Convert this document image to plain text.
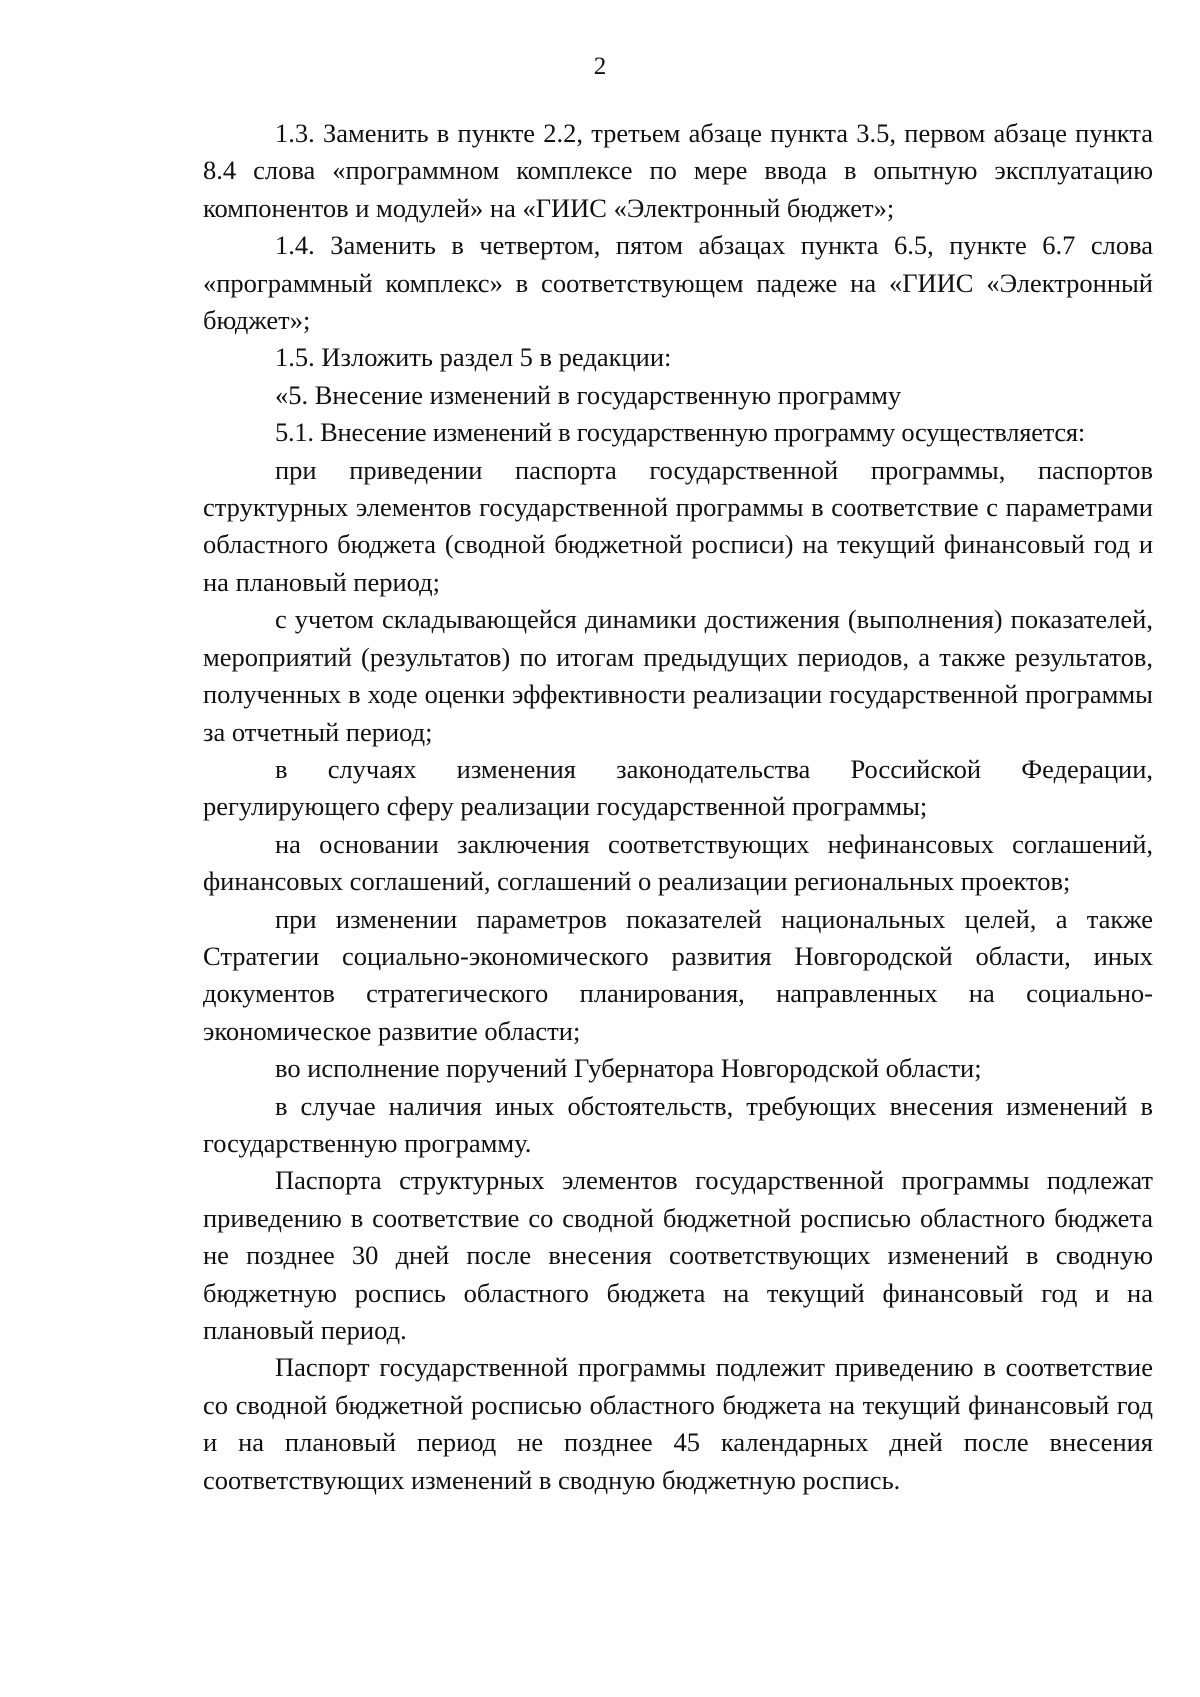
2

1.3. Заменить в пункте 2.2, третьем абзаце пункта 3.5, первом абзаце пункта 8.4 слова «программном комплексе по мере ввода в опытную эксплуатацию компонентов и модулей» на «ГИИС «Электронный бюджет»;

1.4. Заменить в четвертом, пятом абзацах пункта 6.5, пункте 6.7 слова «программный комплекс» в соответствующем падеже на «ГИИС «Электронный бюджет»;

1.5. Изложить раздел 5 в редакции:

«5. Внесение изменений в государственную программу

5.1. Внесение изменений в государственную программу осуществляется:

при приведении паспорта государственной программы, паспортов структурных элементов государственной программы в соответствие с параметрами областного бюджета (сводной бюджетной росписи) на текущий финансовый год и на плановый период;

с учетом складывающейся динамики достижения (выполнения) показателей, мероприятий (результатов) по итогам предыдущих периодов, а также результатов, полученных в ходе оценки эффективности реализации государственной программы за отчетный период;

в случаях изменения законодательства Российской Федерации, регулирующего сферу реализации государственной программы;

на основании заключения соответствующих нефинансовых соглашений, финансовых соглашений, соглашений о реализации региональных проектов;

при изменении параметров показателей национальных целей, а также Стратегии социально-экономического развития Новгородской области, иных документов стратегического планирования, направленных на социально-экономическое развитие области;

во исполнение поручений Губернатора Новгородской области;

в случае наличия иных обстоятельств, требующих внесения изменений в государственную программу.

Паспорта структурных элементов государственной программы подлежат приведению в соответствие со сводной бюджетной росписью областного бюджета не позднее 30 дней после внесения соответствующих изменений в сводную бюджетную роспись областного бюджета на текущий финансовый год и на плановый период.

Паспорт государственной программы подлежит приведению в соответствие со сводной бюджетной росписью областного бюджета на текущий финансовый год и на плановый период не позднее 45 календарных дней после внесения соответствующих изменений в сводную бюджетную роспись.
